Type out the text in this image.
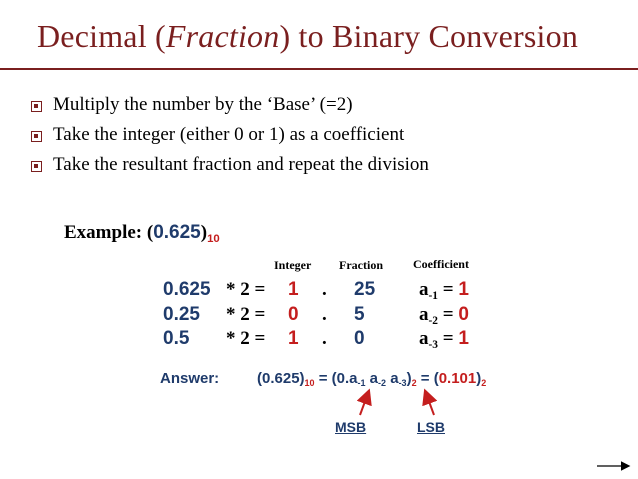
Decimal (Fraction) to Binary Conversion
Multiply the number by the ‘Base’ (=2)
Take the integer (either 0 or 1) as a coefficient
Take the resultant fraction and repeat the division
Example: $(0.625)_{10}$
Integer Fraction	Coefficient
0.625 * 2 = 1 . 25 $a_{-1} = 1$
0.25 * 2 = 0 . 5	$a_{-2} = 0$
0.5 * 2 = 1 . 0	$a_{-3} = 1$
Answer:	$(0.625)_{10} = (0.a_{-1}$ $a_{-2}$ $a_{-3})_2 = (0.101)_2$
MSB	LSB
